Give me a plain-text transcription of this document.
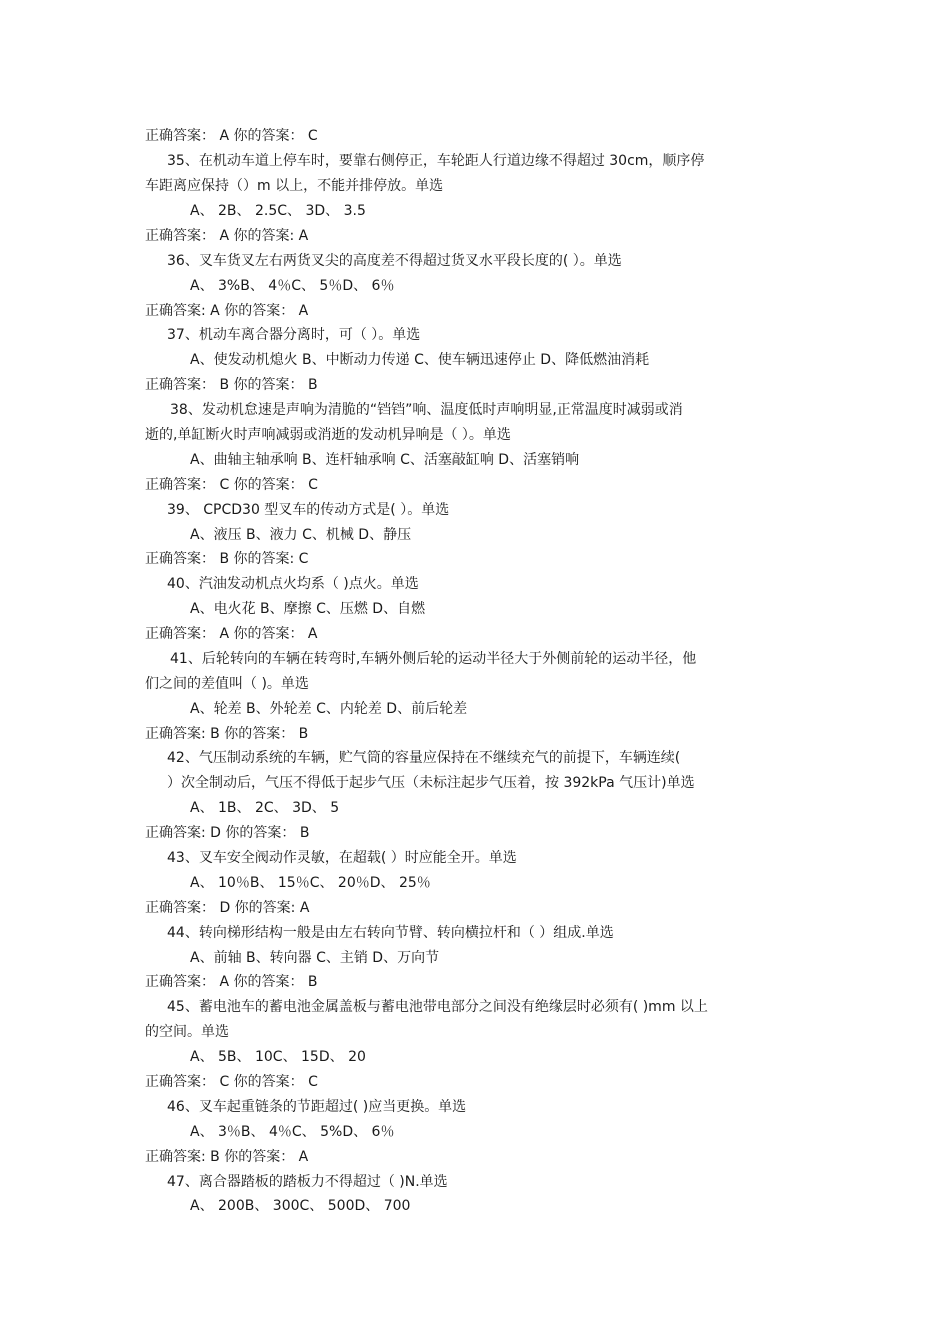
正确答案： A 你的答案： C
35、在机动车道上停车时，要靠右侧停正，车轮距人行道边缘不得超过 30cm，顺序停
车距离应保持（）m 以上，不能并排停放。单选
A、 2B、 2.5C、 3D、 3.5
正确答案： A 你的答案: A
36、叉车货叉左右两货叉尖的高度差不得超过货叉水平段长度的( ）。单选
A、 3%B、 4％C、 5％D、 6％
正确答案: A 你的答案： A
37、机动车离合器分离时，可（ ）。单选
A、使发动机熄火 B、中断动力传递 C、使车辆迅速停止 D、降低燃油消耗
正确答案： B 你的答案： B
38、发动机怠速是声响为清脆的“铛铛”响、温度低时声响明显,正常温度时减弱或消
逝的,单缸断火时声响减弱或消逝的发动机异响是（ ）。单选
A、曲轴主轴承响 B、连杆轴承响 C、活塞敲缸响 D、活塞销响
正确答案： C 你的答案： C
39、 CPCD30 型叉车的传动方式是( ）。单选
A、液压 B、液力 C、机械 D、静压
正确答案： B 你的答案: C
40、汽油发动机点火均系（ )点火。单选
A、电火花 B、摩擦 C、压燃 D、自燃
正确答案： A 你的答案： A
41、后轮转向的车辆在转弯时,车辆外侧后轮的运动半径大于外侧前轮的运动半径，他
们之间的差值叫（ )。单选
A、轮差 B、外轮差 C、内轮差 D、前后轮差
正确答案: B 你的答案： B
42、气压制动系统的车辆，贮气筒的容量应保持在不继续充气的前提下，车辆连续(
）次全制动后，气压不得低于起步气压（未标注起步气压着，按 392kPa 气压计)单选
A、 1B、 2C、 3D、 5
正确答案: D 你的答案： B
43、叉车安全阀动作灵敏，在超载( ）时应能全开。单选
A、 10％B、 15％C、 20％D、 25％
正确答案： D 你的答案: A
44、转向梯形结构一般是由左右转向节臂、转向横拉杆和（ ）组成.单选
A、前轴 B、转向器 C、主销 D、万向节
正确答案： A 你的答案： B
45、蓄电池车的蓄电池金属盖板与蓄电池带电部分之间没有绝缘层时必须有( )mm 以上
的空间。单选
A、 5B、 10C、 15D、 20
正确答案： C 你的答案： C
46、叉车起重链条的节距超过( )应当更换。单选
A、 3％B、 4％C、 5%D、 6％
正确答案: B 你的答案： A
47、离合器踏板的踏板力不得超过（ )N.单选
A、 200B、 300C、 500D、 700
